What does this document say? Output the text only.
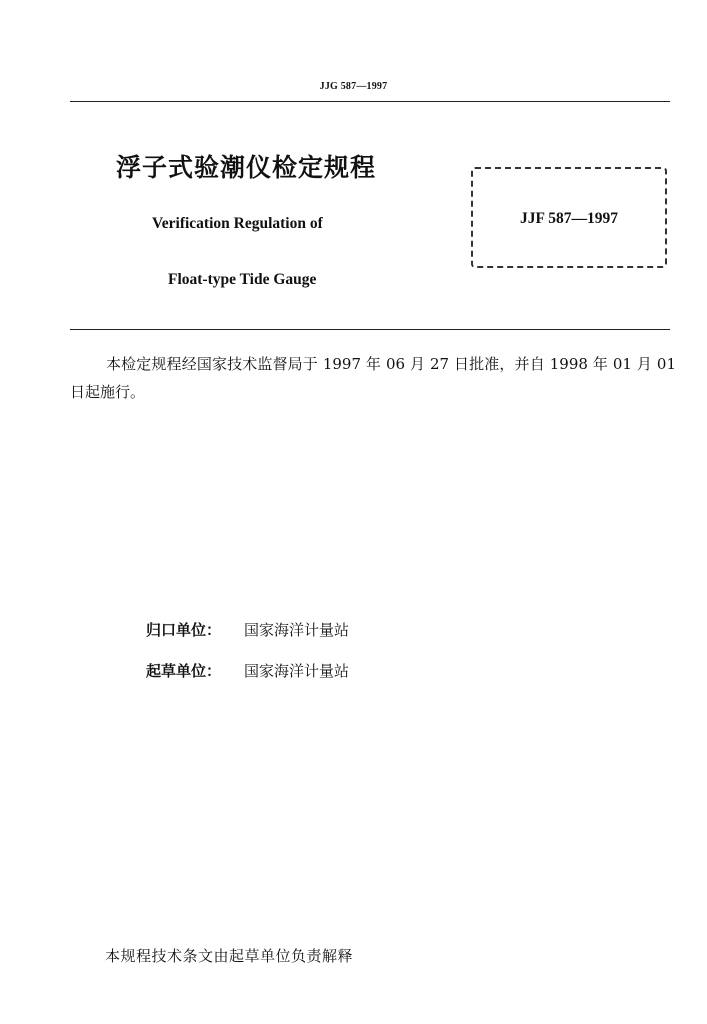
JJG 587—1997
浮子式验潮仪检定规程
Verification Regulation of
Float-type Tide Gauge
JJF 587—1997
本检定规程经国家技术监督局于 1997 年 06 月 27 日批准，并自 1998 年 01 月 01 日起施行。
归口单位： 国家海洋计量站
起草单位： 国家海洋计量站
本规程技术条文由起草单位负责解释
